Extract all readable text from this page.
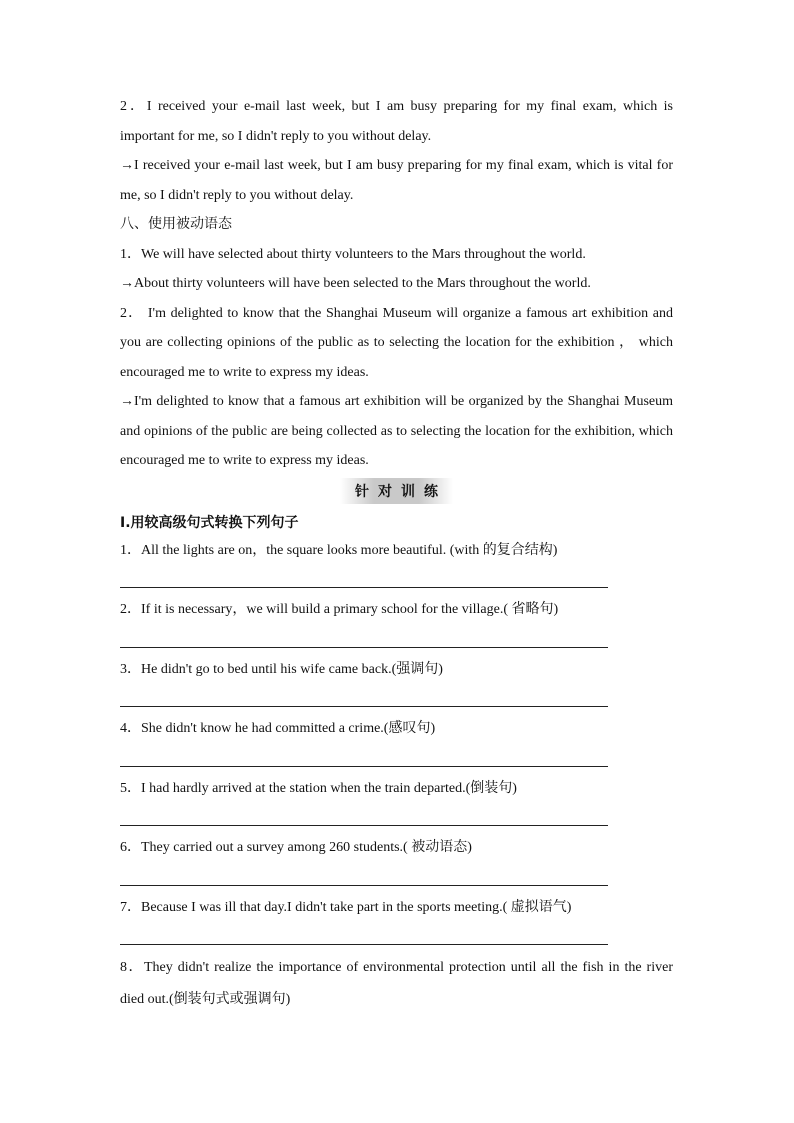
2．I received your e-mail last week, but I am busy preparing for my final exam, which is important for me, so I didn't reply to you without delay.
→I received your e-mail last week, but I am busy preparing for my final exam, which is vital for me, so I didn't reply to you without delay.
八、使用被动语态
1．We will have selected about thirty volunteers to the Mars throughout the world.
→About thirty volunteers will have been selected to the Mars throughout the world.
2． I'm delighted to know that the Shanghai Museum will organize a famous art exhibition and you are collecting opinions of the public as to selecting the location for the exhibition ， which encouraged me to write to express my ideas.
→I'm delighted to know that a famous art exhibition will be organized by the Shanghai Museum and opinions of the public are being collected as to selecting the location for the exhibition, which encouraged me to write to express my ideas.
针对训练
Ⅰ.用较高级句式转换下列句子
1．All the lights are on，the square looks more beautiful. (with 的复合结构)
2．If it is necessary，we will build a primary school for the village.( 省略句)
3．He didn't go to bed until his wife came back.(强调句)
4．She didn't know he had committed a crime.(感叹句)
5．I had hardly arrived at the station when the train departed.(倒装句)
6．They carried out a survey among 260 students.( 被动语态)
7．Because I was ill that day.I didn't take part in the sports meeting.( 虚拟语气)
8．They didn't realize the importance of environmental protection until all the fish in the river died out.(倒装句式或强调句)
